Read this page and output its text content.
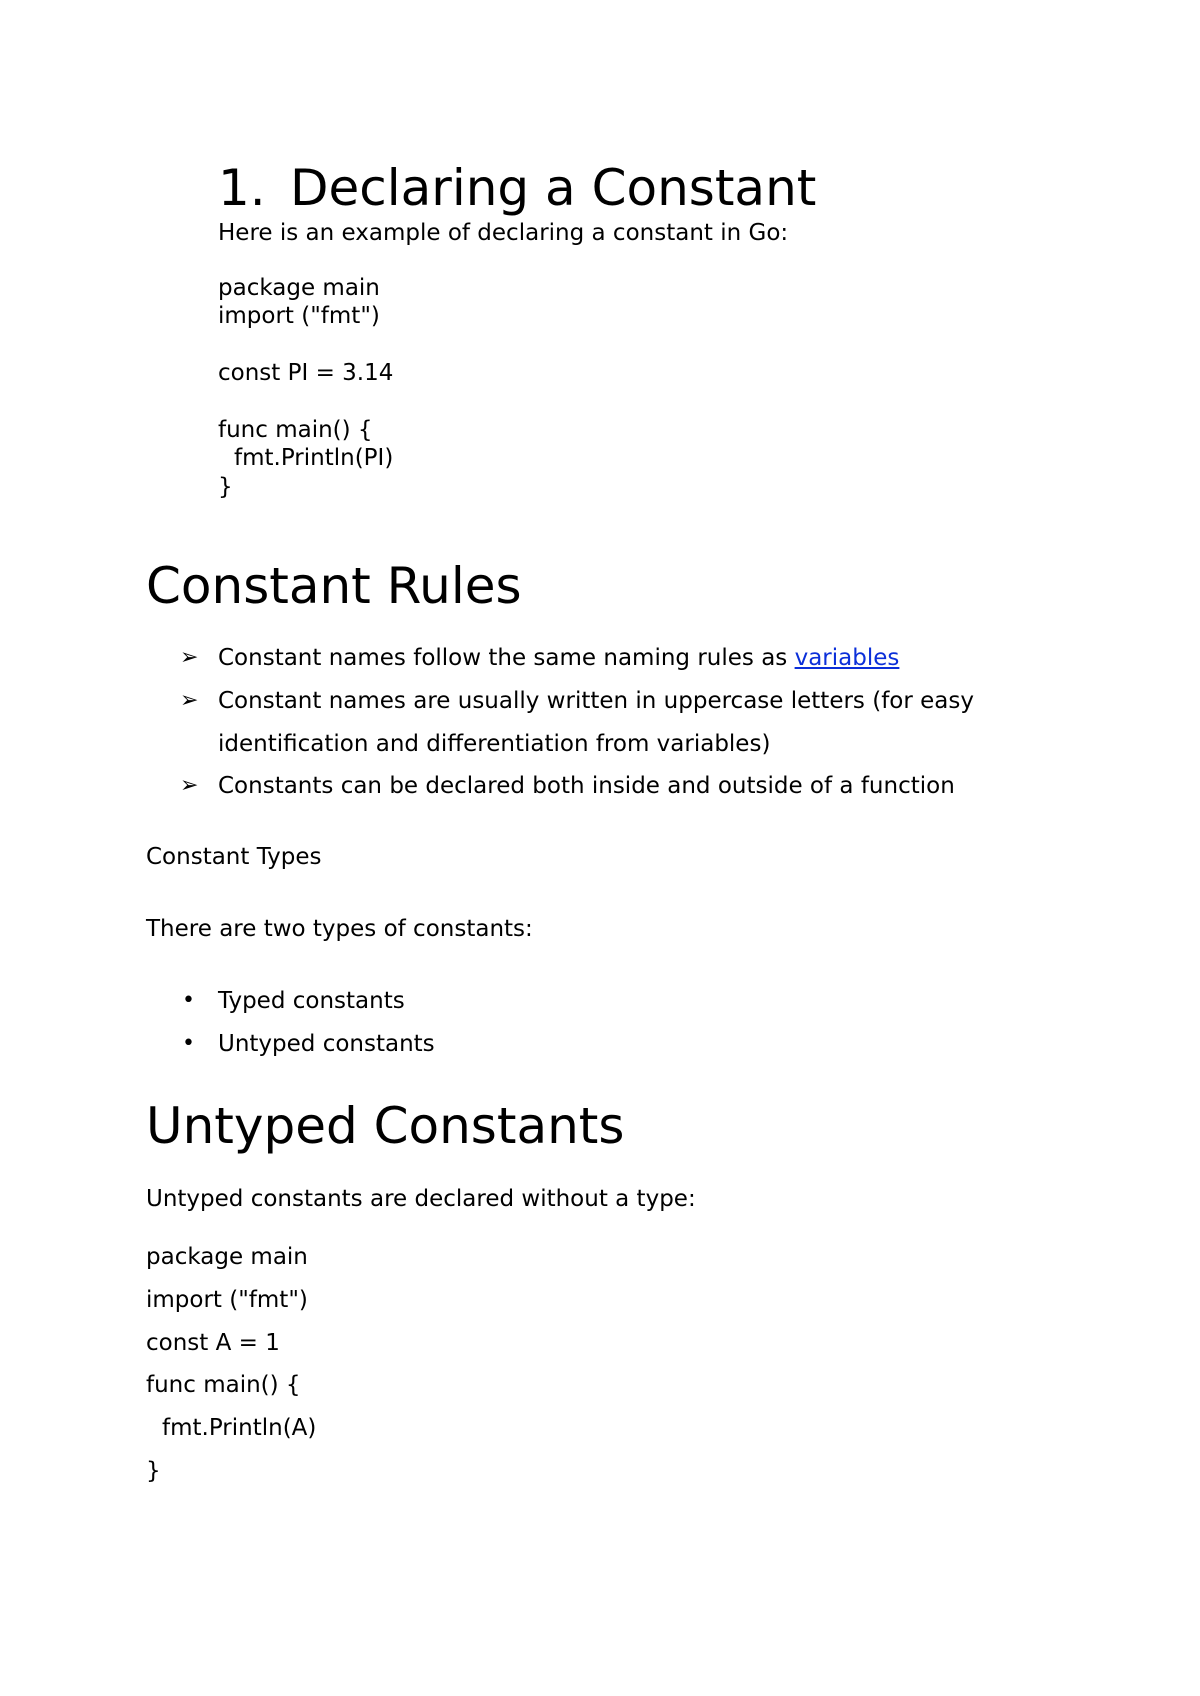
1. Declaring a Constant

Here is an example of declaring a constant in Go:

package main
import ("fmt")
const PI = 3.14
func main() {
fmt.Println(PI)
}
Constant Rules
➢ Constant names follow the same naming rules as variables
➢ Constant names are usually written in uppercase letters (for easy
identification and differentiation from variables)
➢ Constants can be declared both inside and outside of a function

Constant Types

There are two types of constants:

• Typed constants
• Untyped constants
Untyped Constants

Untyped constants are declared without a type:

package main
import ("fmt")
const A = 1
func main() {
fmt.Println(A)
}
